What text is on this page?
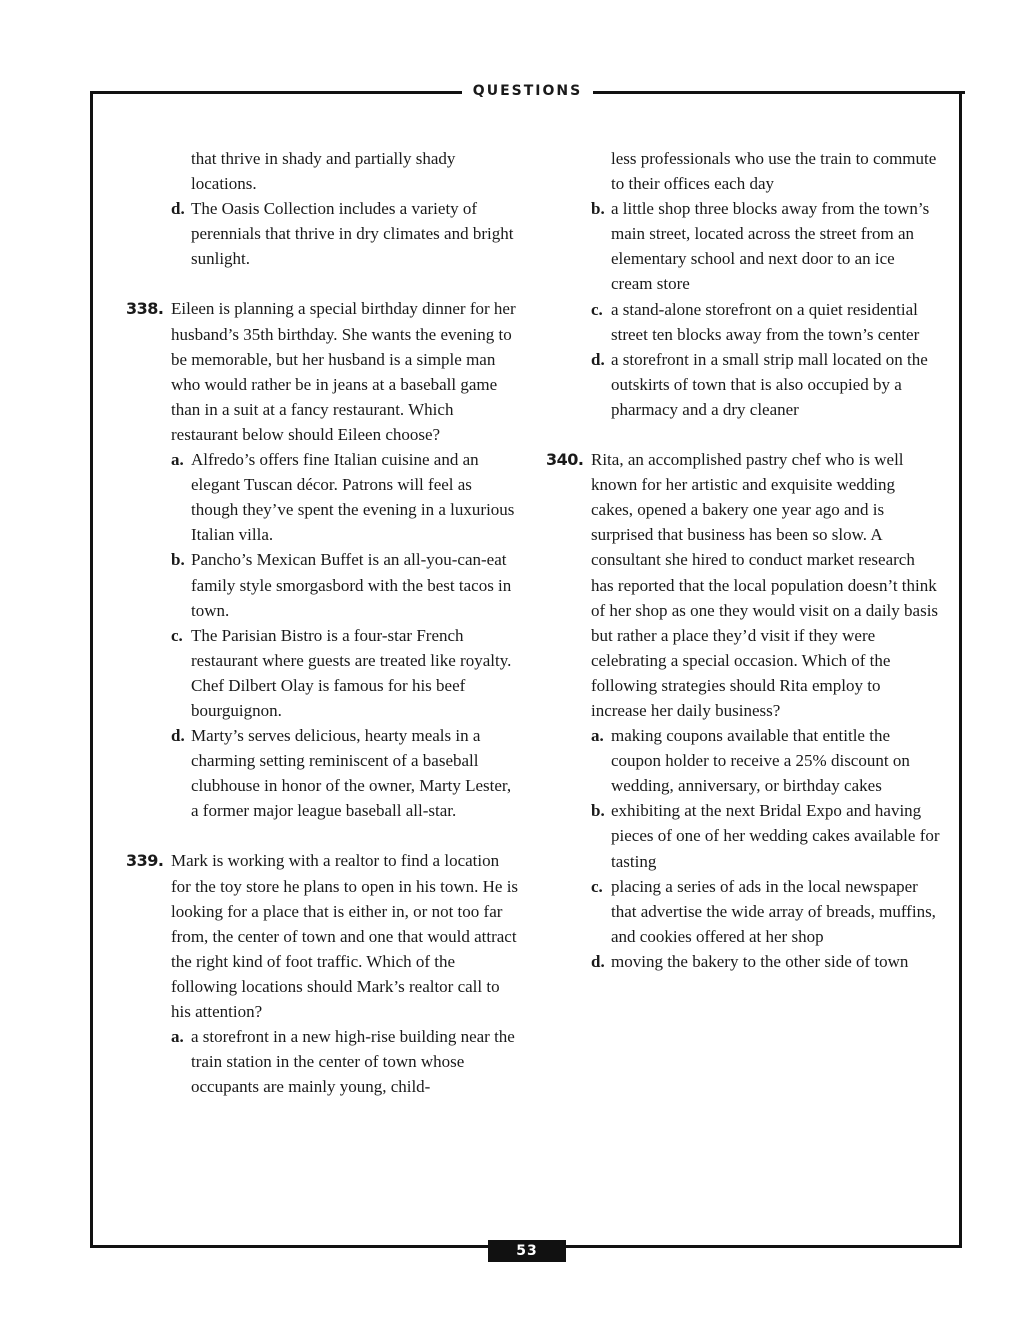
QUESTIONS

that thrive in shady and partially shady locations.

d. The Oasis Collection includes a variety of perennials that thrive in dry climates and bright sunlight.

338. Eileen is planning a special birthday dinner for her husband’s 35th birthday. She wants the evening to be memorable, but her husband is a simple man who would rather be in jeans at a baseball game than in a suit at a fancy restaurant. Which restaurant below should Eileen choose?

a. Alfredo’s offers fine Italian cuisine and an elegant Tuscan décor. Patrons will feel as though they’ve spent the evening in a luxurious Italian villa.

b. Pancho’s Mexican Buffet is an all-you-can-eat family style smorgasbord with the best tacos in town.

c. The Parisian Bistro is a four-star French restaurant where guests are treated like royalty. Chef Dilbert Olay is famous for his beef bourguignon.

d. Marty’s serves delicious, hearty meals in a charming setting reminiscent of a baseball clubhouse in honor of the owner, Marty Lester, a former major league baseball all-star.

339. Mark is working with a realtor to find a location for the toy store he plans to open in his town. He is looking for a place that is either in, or not too far from, the center of town and one that would attract the right kind of foot traffic. Which of the following locations should Mark’s realtor call to his attention?

a. a storefront in a new high-rise building near the train station in the center of town whose occupants are mainly young, child-

less professionals who use the train to commute to their offices each day

b. a little shop three blocks away from the town’s main street, located across the street from an elementary school and next door to an ice cream store

c. a stand-alone storefront on a quiet residential street ten blocks away from the town’s center

d. a storefront in a small strip mall located on the outskirts of town that is also occupied by a pharmacy and a dry cleaner

340. Rita, an accomplished pastry chef who is well known for her artistic and exquisite wedding cakes, opened a bakery one year ago and is surprised that business has been so slow. A consultant she hired to conduct market research has reported that the local population doesn’t think of her shop as one they would visit on a daily basis but rather a place they’d visit if they were celebrating a special occasion. Which of the following strategies should Rita employ to increase her daily business?

a. making coupons available that entitle the coupon holder to receive a 25% discount on wedding, anniversary, or birthday cakes

b. exhibiting at the next Bridal Expo and having pieces of one of her wedding cakes available for tasting

c. placing a series of ads in the local newspaper that advertise the wide array of breads, muffins, and cookies offered at her shop

d. moving the bakery to the other side of town

53
